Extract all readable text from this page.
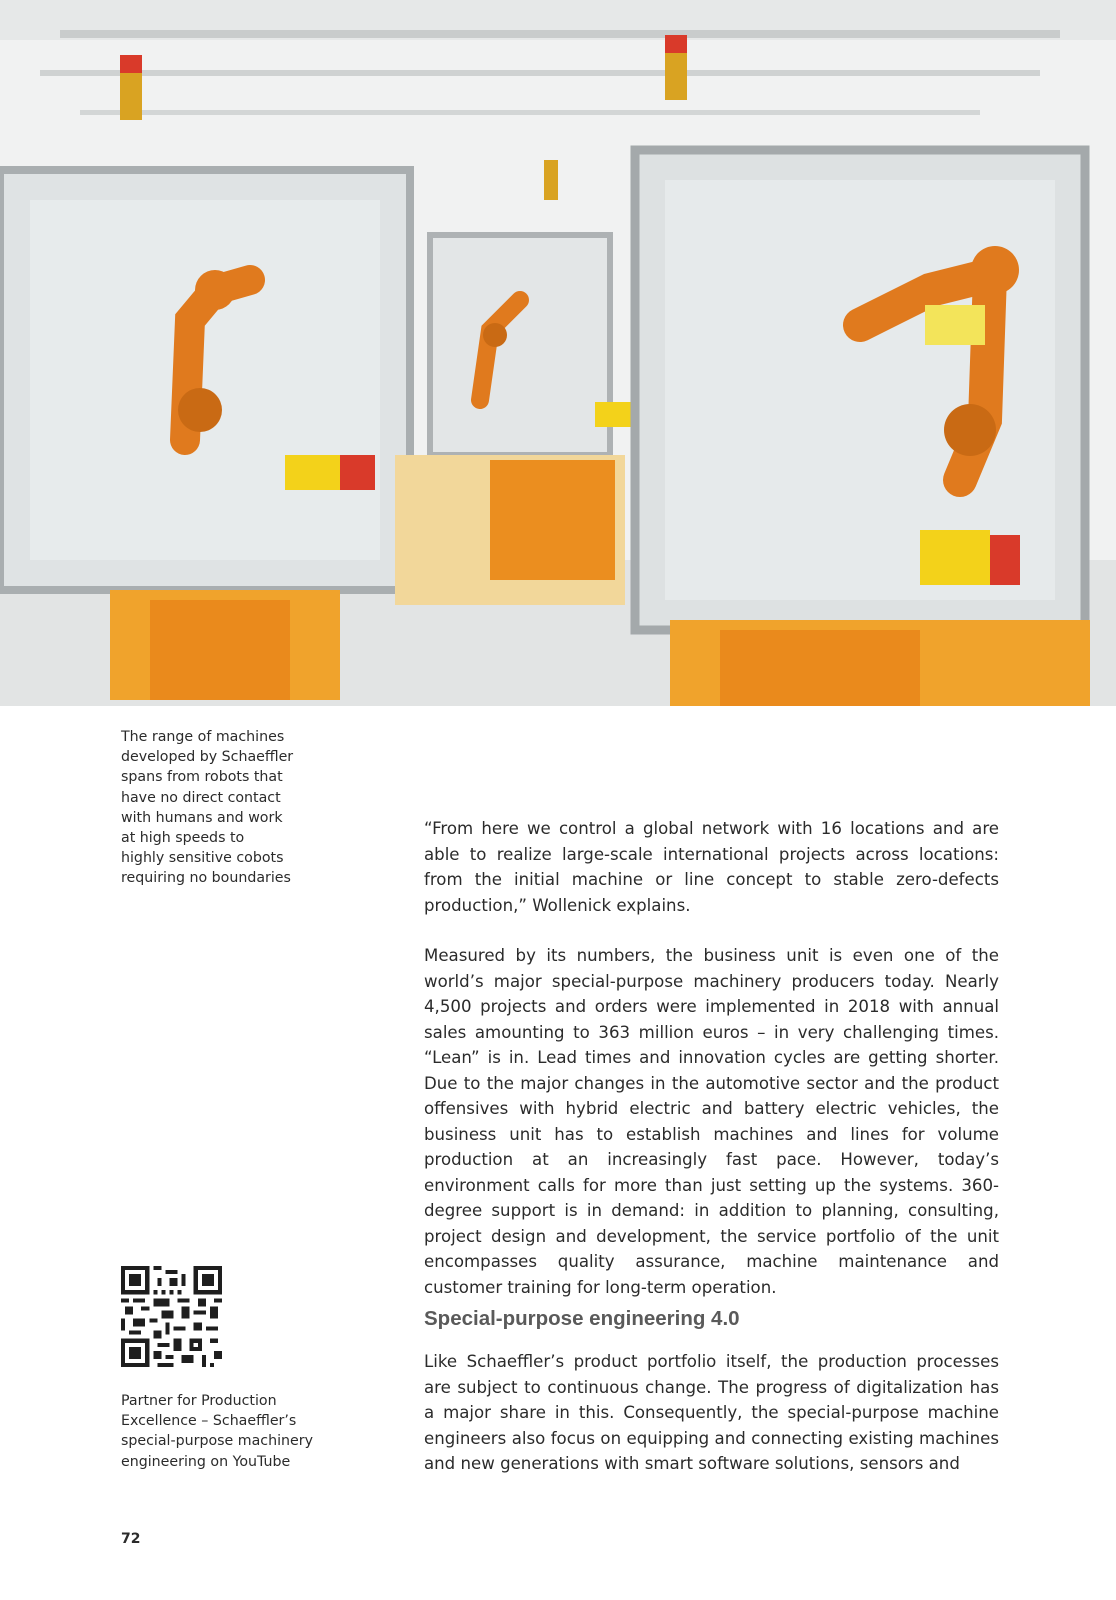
The range of machines
developed by Schaeffler
spans from robots that
have no direct contact
with humans and work
at high speeds to
highly sensitive cobots
requiring no boundaries
Partner for Production
Excellence – Schaeffler’s
special-purpose machinery
engineering on YouTube

“From here we control a global network with 16 locations and are able to realize large-scale international projects across locations: from the initial machine or line concept to stable zero-defects production,” Wollenick explains.

Measured by its numbers, the business unit is even one of the world’s major special-purpose machinery producers today. Nearly 4,500 projects and orders were implemented in 2018 with annual sales amounting to 363 million euros – in very challenging times. “Lean” is in. Lead times and innovation cycles are getting shorter. Due to the major changes in the automotive sector and the product offensives with hybrid electric and battery electric vehicles, the business unit has to establish machines and lines for volume production at an increasingly fast pace. However, today’s environment calls for more than just setting up the systems. 360-degree support is in demand: in addition to planning, consulting, project design and development, the service portfolio of the unit encompasses quality assurance, machine maintenance and customer training for long-term operation.

Special-purpose engineering 4.0

Like Schaeffler’s product portfolio itself, the production processes are subject to continuous change. The progress of digitalization has a major share in this. Consequently, the special-purpose machine engineers also focus on equipping and connecting existing machines and new generations with smart software solutions, sensors and

72
